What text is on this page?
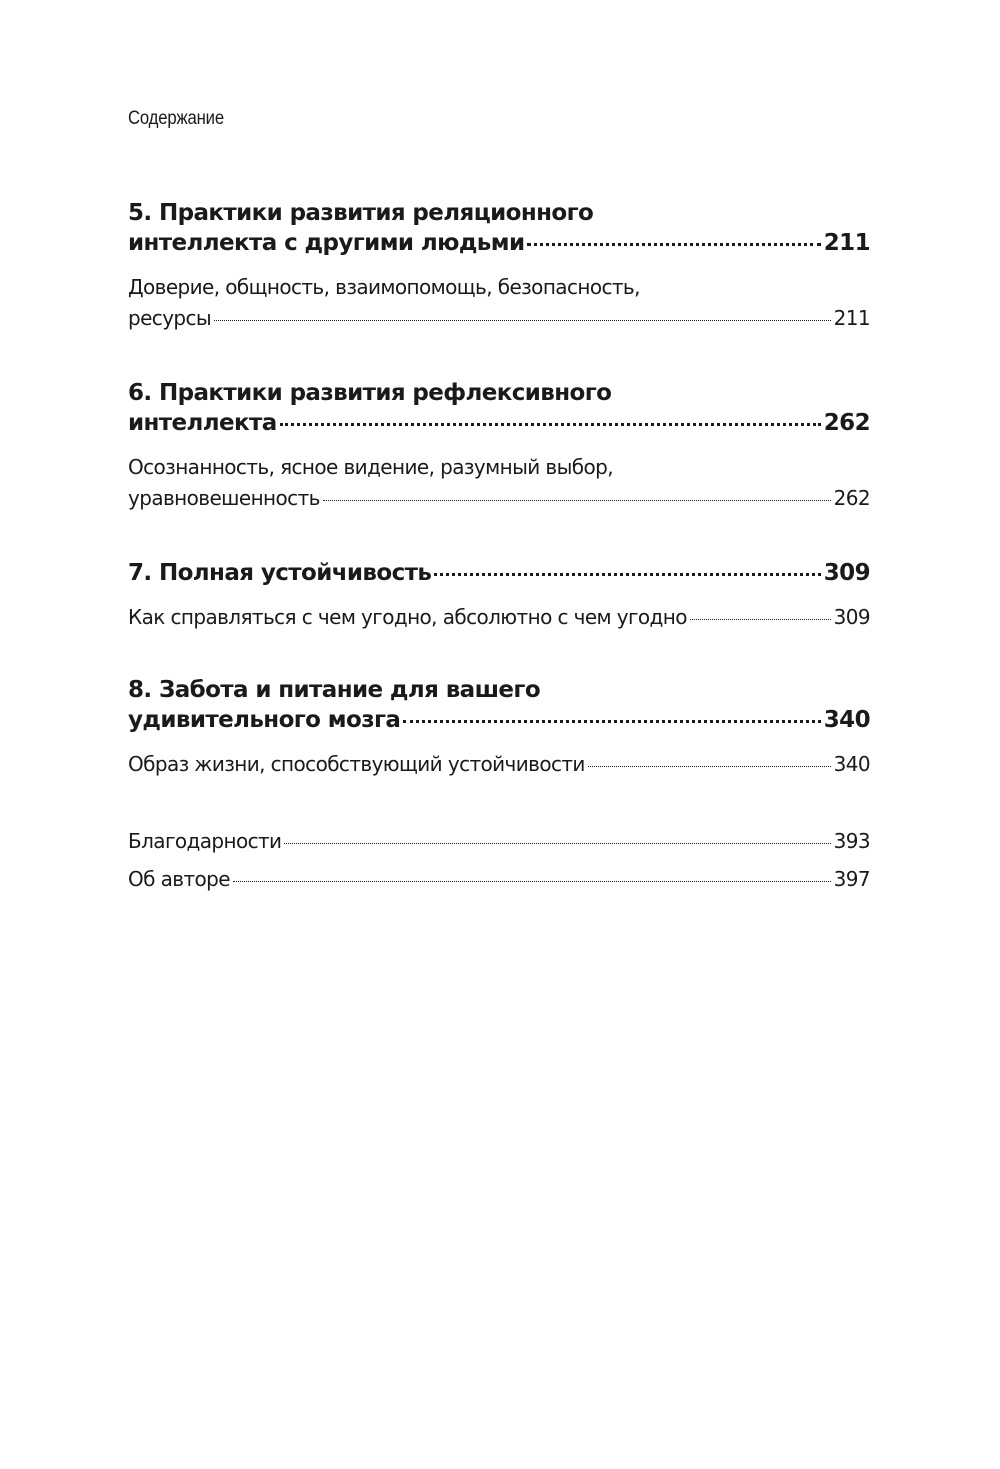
Содержание
5. Практики развития реляционного
интеллекта с другими людьми	211
Доверие, общность, взаимопомощь, безопасность,
ресурсы	211
6. Практики развития рефлексивного
интеллекта	262
Осознанность, ясное видение, разумный выбор,
уравновешенность	262
7. Полная устойчивость	309
Как справляться с чем угодно, абсолютно с чем угодно	309
8. Забота и питание для вашего
удивительного мозга	340
Образ жизни, способствующий устойчивости	340
Благодарности	393
Об авторе	397
